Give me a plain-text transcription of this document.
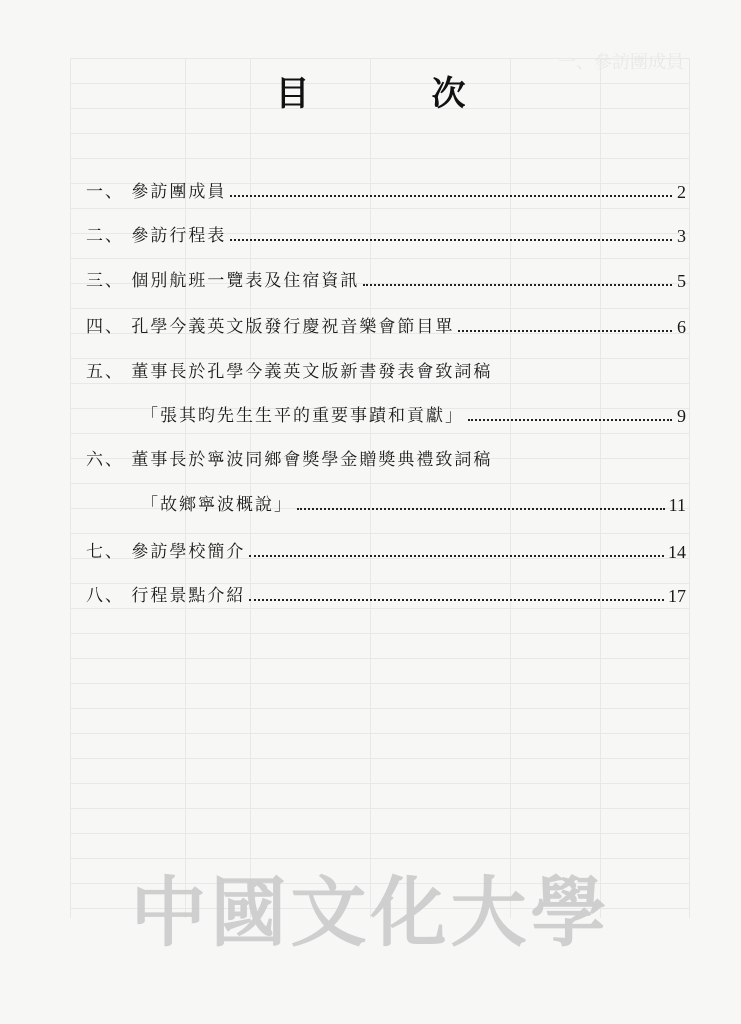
一、參訪團成員
目　次
一、 參訪團成員	2
二、 參訪行程表	3
三、 個別航班一覽表及住宿資訊	5
四、 孔學今義英文版發行慶祝音樂會節目單	6
五、 董事長於孔學今義英文版新書發表會致詞稿
「張其昀先生生平的重要事蹟和貢獻」	9
六、 董事長於寧波同鄉會獎學金贈獎典禮致詞稿
「故鄉寧波概說」	11
七、 參訪學校簡介	14
八、 行程景點介紹	17
中國文化大學
